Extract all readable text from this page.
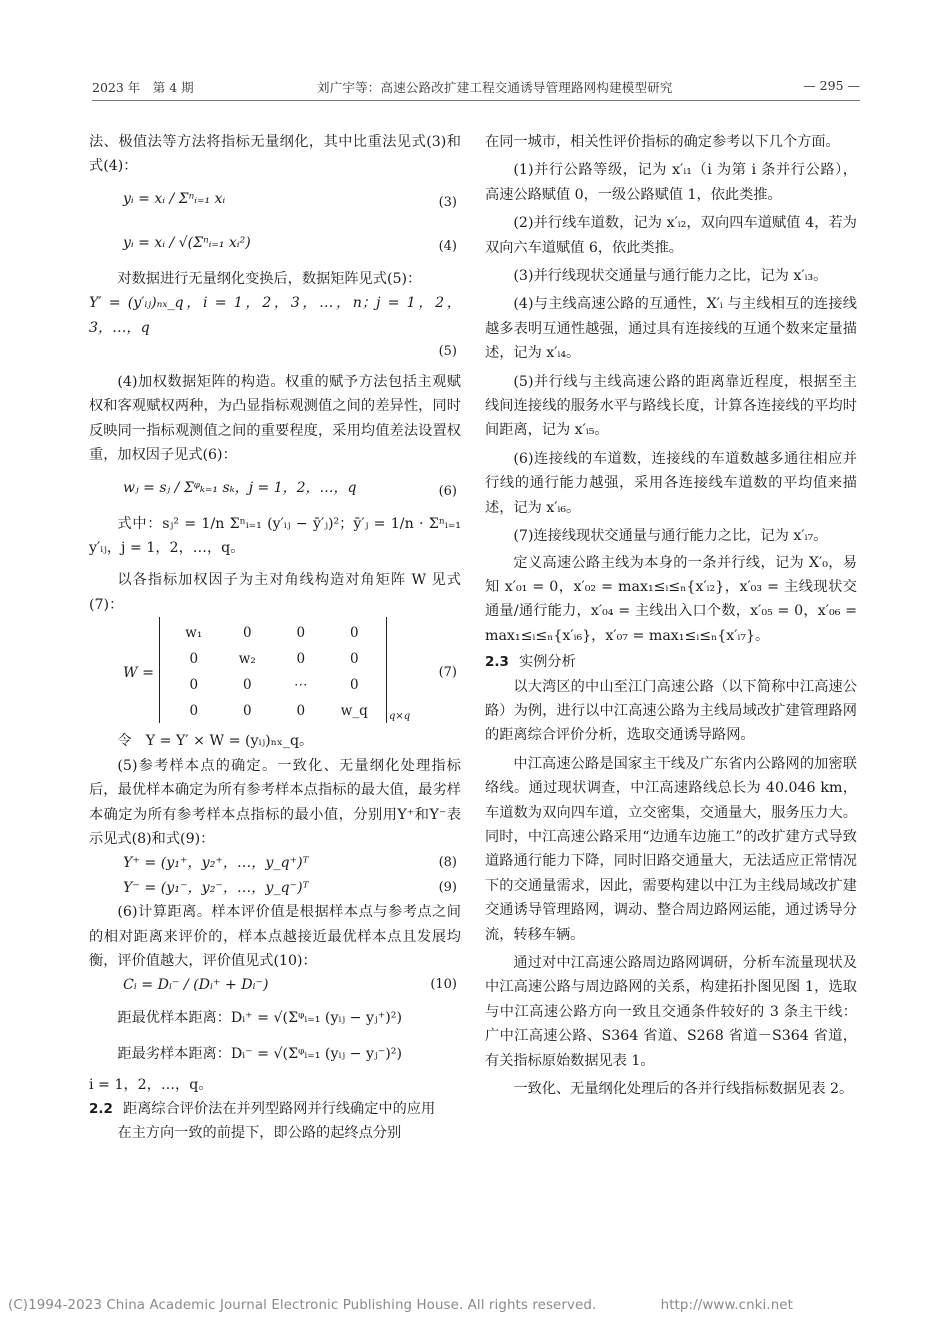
2023 年　第 4 期	刘广宇等：高速公路改扩建工程交通诱导管理路网构建模型研究	— 295 —

法、极值法等方法将指标无量纲化，其中比重法见式(3)和式(4)：

yᵢ = xᵢ / Σⁿᵢ₌₁ xᵢ	(3)
yᵢ = xᵢ / √(Σⁿᵢ₌₁ xᵢ²)	(4)

对数据进行无量纲化变换后，数据矩阵见式(5)：

Y′ = (y′ᵢⱼ)ₙₓ_q，i = 1，2，3，…，n；j = 1，2，3，…，q

(5)

(4)加权数据矩阵的构造。权重的赋予方法包括主观赋权和客观赋权两种，为凸显指标观测值之间的差异性，同时反映同一指标观测值之间的重要程度，采用均值差法设置权重，加权因子见式(6)：

wⱼ = sⱼ / Σᵠₖ₌₁ sₖ，j = 1，2，…，q	(6)

式中：sⱼ² = 1/n Σⁿᵢ₌₁ (y′ᵢⱼ − ȳ′ⱼ)²；ȳ′ⱼ = 1/n · Σⁿᵢ₌₁ y′ᵢⱼ，j = 1，2，…，q。

以各指标加权因子为主对角线构造对角矩阵 W 见式(7)：

W =
w₁	0	0	0
0	w₂	0	0
0	0	⋯	0
0	0	0	w_q	q×q
(7)

令　Y = Y′ × W = (yᵢⱼ)ₙₓ_q。

(5)参考样本点的确定。一致化、无量纲化处理指标后，最优样本确定为所有参考样本点指标的最大值，最劣样本确定为所有参考样本点指标的最小值，分别用Y⁺和Y⁻表示见式(8)和式(9)：

Y⁺ = (y₁⁺，y₂⁺，…，y_q⁺)ᵀ	(8)

Y⁻ = (y₁⁻，y₂⁻，…，y_q⁻)ᵀ	(9)

(6)计算距离。样本评价值是根据样本点与参考点之间的相对距离来评价的，样本点越接近最优样本点且发展均衡，评价值越大，评价值见式(10)：

Cᵢ = Dᵢ⁻ / (Dᵢ⁺ + Dᵢ⁻)	(10)

距最优样本距离：Dᵢ⁺ = √(Σᵠᵢ₌₁ (yᵢⱼ − yⱼ⁺)²)

距最劣样本距离：Dᵢ⁻ = √(Σᵠᵢ₌₁ (yᵢⱼ − yⱼ⁻)²)

i = 1，2，…，q。

2.2 距离综合评价法在并列型路网并行线确定中的应用

在主方向一致的前提下，即公路的起终点分别

在同一城市，相关性评价指标的确定参考以下几个方面。

(1)并行公路等级，记为 x′ᵢ₁（i 为第 i 条并行公路），高速公路赋值 0，一级公路赋值 1，依此类推。

(2)并行线车道数，记为 x′ᵢ₂，双向四车道赋值 4，若为双向六车道赋值 6，依此类推。

(3)并行线现状交通量与通行能力之比，记为 x′ᵢ₃。

(4)与主线高速公路的互通性，X′ᵢ 与主线相互的连接线越多表明互通性越强，通过具有连接线的互通个数来定量描述，记为 x′ᵢ₄。

(5)并行线与主线高速公路的距离靠近程度，根据至主线间连接线的服务水平与路线长度，计算各连接线的平均时间距离，记为 x′ᵢ₅。

(6)连接线的车道数，连接线的车道数越多通往相应并行线的通行能力越强，采用各连接线车道数的平均值来描述，记为 x′ᵢ₆。

(7)连接线现状交通量与通行能力之比，记为 x′ᵢ₇。

定义高速公路主线为本身的一条并行线，记为 X′₀，易知 x′₀₁ = 0，x′₀₂ = max₁≤ᵢ≤ₙ{x′ᵢ₂}，x′₀₃ = 主线现状交通量/通行能力，x′₀₄ = 主线出入口个数，x′₀₅ = 0，x′₀₆ = max₁≤ᵢ≤ₙ{x′ᵢ₆}，x′₀₇ = max₁≤ᵢ≤ₙ{x′ᵢ₇}。

2.3 实例分析

以大湾区的中山至江门高速公路（以下简称中江高速公路）为例，进行以中江高速公路为主线局域改扩建管理路网的距离综合评价分析，选取交通诱导路网。

中江高速公路是国家主干线及广东省内公路网的加密联络线。通过现状调查，中江高速路线总长为 40.046 km，车道数为双向四车道，立交密集，交通量大，服务压力大。同时，中江高速公路采用“边通车边施工”的改扩建方式导致道路通行能力下降，同时旧路交通量大，无法适应正常情况下的交通量需求，因此，需要构建以中江为主线局域改扩建交通诱导管理路网，调动、整合周边路网运能，通过诱导分流，转移车辆。

通过对中江高速公路周边路网调研，分析车流量现状及中江高速公路与周边路网的关系，构建拓扑图见图 1，选取与中江高速公路方向一致且交通条件较好的 3 条主干线：广中江高速公路、S364 省道、S268 省道－S364 省道，有关指标原始数据见表 1。

一致化、无量纲化处理后的各并行线指标数据见表 2。

(C)1994-2023 China Academic Journal Electronic Publishing House. All rights reserved.	http://www.cnki.net
